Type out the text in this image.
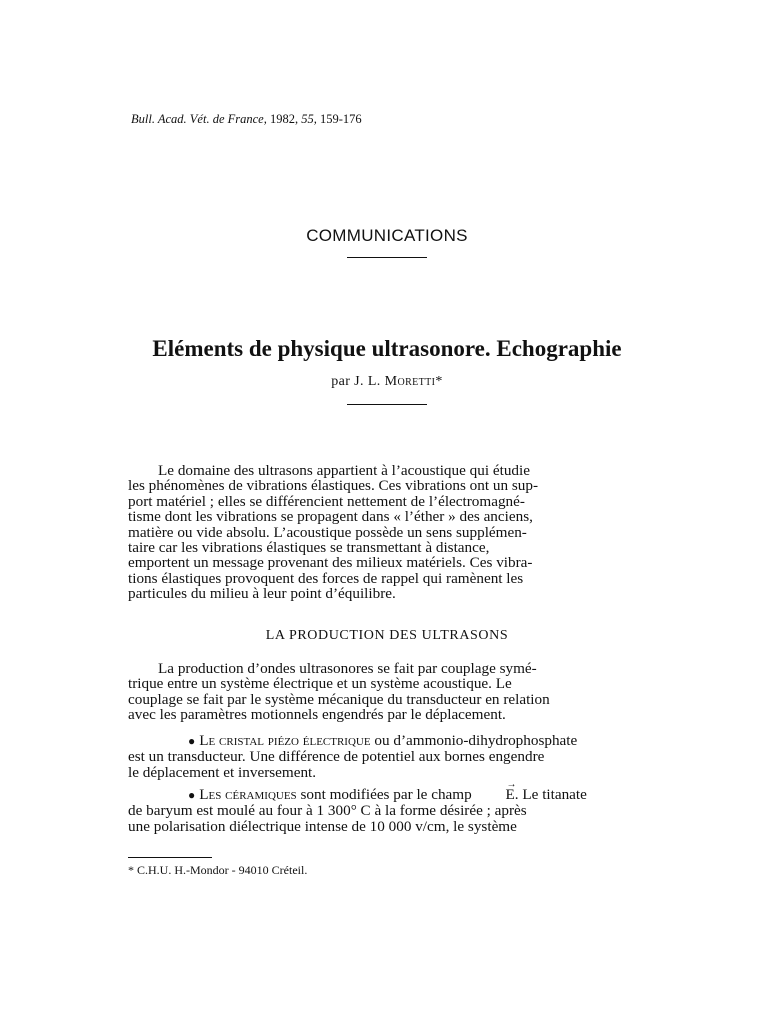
Bull. Acad. Vét. de France, 1982, 55, 159-176
COMMUNICATIONS
Eléments de physique ultrasonore. Echographie
par J. L. Moretti*
Le domaine des ultrasons appartient à l’acoustique qui étudie
les phénomènes de vibrations élastiques. Ces vibrations ont un sup-
port matériel ; elles se différencient nettement de l’électromagné-
tisme dont les vibrations se propagent dans « l’éther » des anciens,
matière ou vide absolu. L’acoustique possède un sens supplémen-
taire car les vibrations élastiques se transmettant à distance,
emportent un message provenant des milieux matériels. Ces vibra-
tions élastiques provoquent des forces de rappel qui ramènent les
particules du milieu à leur point d’équilibre.
LA PRODUCTION DES ULTRASONS
La production d’ondes ultrasonores se fait par couplage symé-
trique entre un système électrique et un système acoustique. Le
couplage se fait par le système mécanique du transducteur en relation
avec les paramètres motionnels engendrés par le déplacement.
● Le cristal piézo électrique ou d’ammonio-dihydrophosphate
est un transducteur. Une différence de potentiel aux bornes engendre
le déplacement et inversement.
● Les céramiques sont modifiées par le champ → E. Le titanate
de baryum est moulé au four à 1 300° C à la forme désirée ; après
une polarisation diélectrique intense de 10 000 v/cm, le système
* C.H.U. H.-Mondor - 94010 Créteil.
